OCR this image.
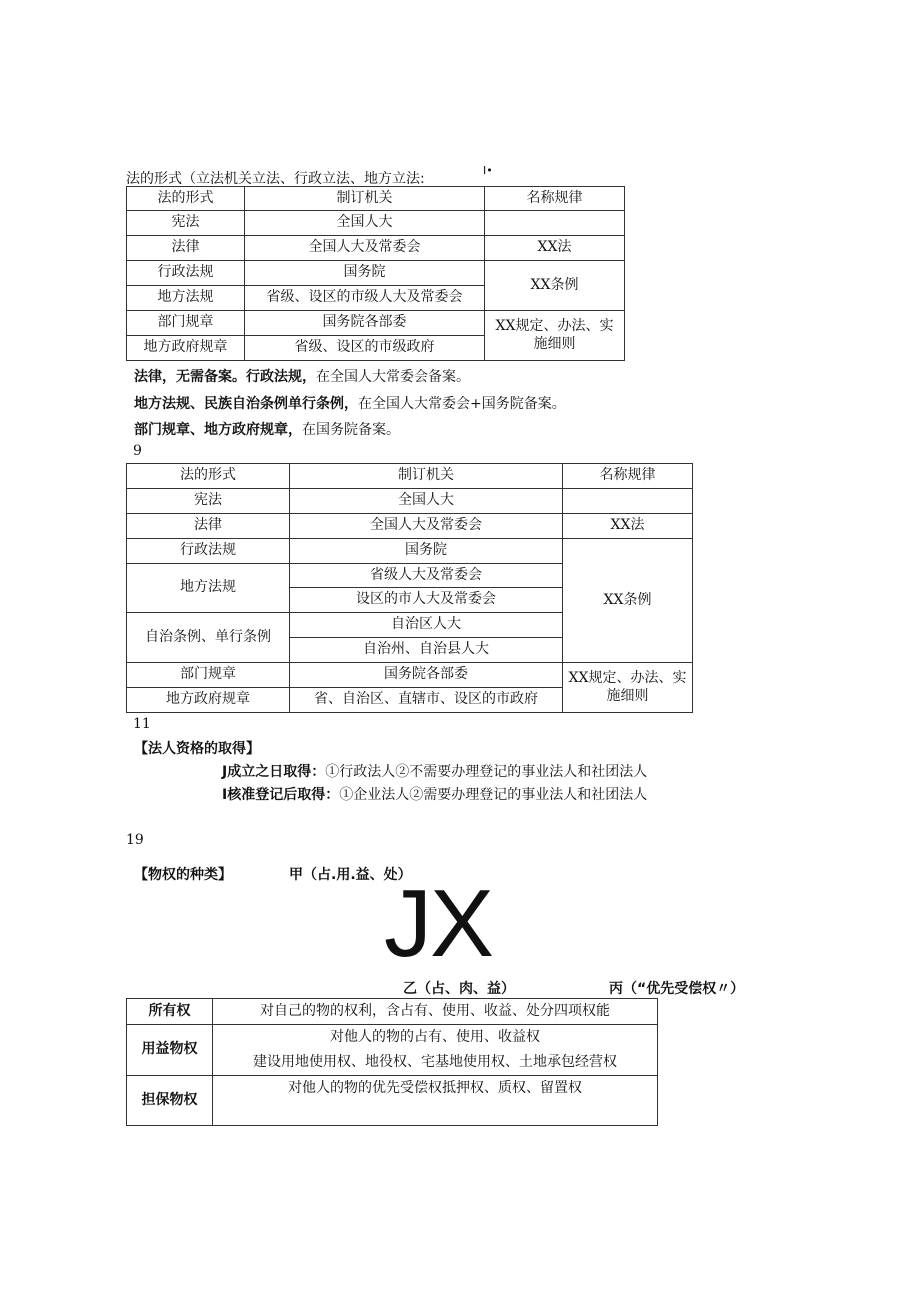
法的形式（立法机关立法、行政立法、地方立法:
I•
法的形式	制订机关	名称规律
宪法	全国人大	
法律	全国人大及常委会	XX法
行政法规	国务院	XX条例
地方法规	省级、设区的市级人大及常委会	
部门规章	国务院各部委	XX规定、办法、实
施细则

地方政府规章	省级、设区的市级政府	
法律，无需备案。行政法规，在全国人大常委会备案。
地方法规、民族自治条例单行条例，在全国人大常委会+国务院备案。
部门规章、地方政府规章，在国务院备案。
9
法的形式	制订机关	名称规律
宪法	全国人大	
法律	全国人大及常委会	XX法
行政法规	国务院	XX条例
地方法规	省级人大及常委会	
	设区的市人大及常委会	
自治条例、单行条例	自治区人大	
	自治州、自治县人大	
部门规章	国务院各部委	XX规定、办法、实
施细则

地方政府规章	省、自治区、直辖市、设区的市政府	
11
【法人资格的取得】
J成立之日取得：①行政法人②不需要办理登记的事业法人和社团法人
I核准登记后取得：①企业法人②需要办理登记的事业法人和社团法人
19
【物权的种类】	甲（占.用.益、处）
JX
乙（占、肉、益）	丙（“优先受偿权〃）
所有权	对自己的物的权利，含占有、使用、收益、处分四项权能
用益物权	对他人的物的占有、使用、收益权
建设用地使用权、地役权、宅基地使用权、土地承包经营权

担保物权	对他人的物的优先受偿权抵押权、质权、留置权
